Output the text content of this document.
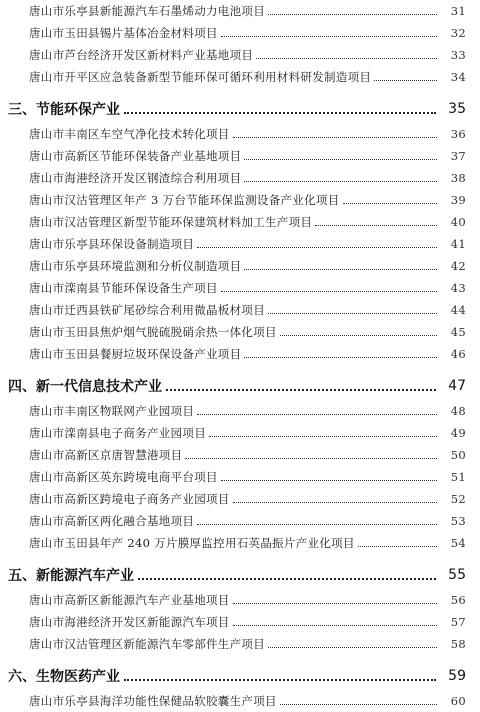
唐山市乐亭县新能源汽车石墨烯动力电池项目	31
唐山市玉田县锡片基体冶金材料项目	32
唐山市芦台经济开发区新材料产业基地项目	33
唐山市开平区应急装备新型节能环保可循环利用材料研发制造项目	34
三、节能环保产业	35
唐山市丰南区车空气净化技术转化项目	36
唐山市高新区节能环保装备产业基地项目	37
唐山市海港经济开发区钢渣综合利用项目	38
唐山市汉沽管理区年产 3 万台节能环保监测设备产业化项目	39
唐山市汉沽管理区新型节能环保建筑材料加工生产项目	40
唐山市乐亭县环保设备制造项目	41
唐山市乐亭县环境监测和分析仪制造项目	42
唐山市滦南县节能环保设备生产项目	43
唐山市迁西县铁矿尾砂综合利用微晶板材项目	44
唐山市玉田县焦炉烟气脱硫脱硝余热一体化项目	45
唐山市玉田县餐厨垃圾环保设备产业项目	46
四、新一代信息技术产业	47
唐山市丰南区物联网产业园项目	48
唐山市滦南县电子商务产业园项目	49
唐山市高新区京唐智慧港项目	50
唐山市高新区英东跨境电商平台项目	51
唐山市高新区跨境电子商务产业园项目	52
唐山市高新区两化融合基地项目	53
唐山市玉田县年产 240 万片膜厚监控用石英晶振片产业化项目	54
五、新能源汽车产业	55
唐山市高新区新能源汽车产业基地项目	56
唐山市海港经济开发区新能源汽车项目	57
唐山市汉沽管理区新能源汽车零部件生产项目	58
六、生物医药产业	59
唐山市乐亭县海洋功能性保健品软胶囊生产项目	60
